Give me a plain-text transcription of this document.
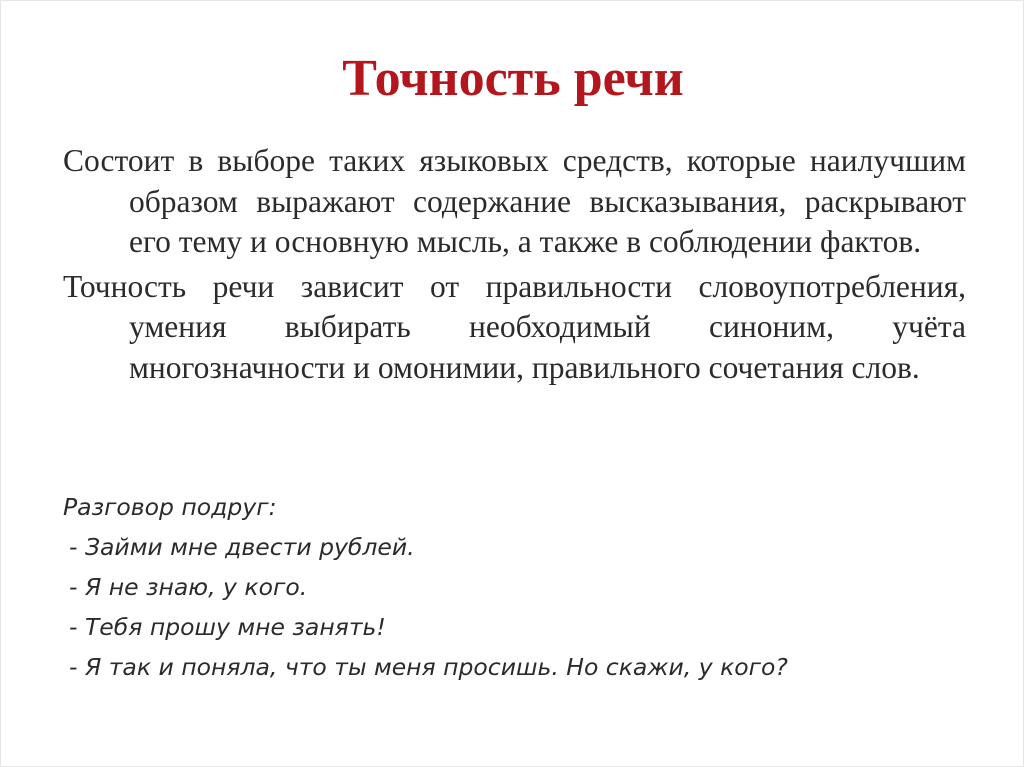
Точность речи

Состоит в выборе таких языковых средств, которые наилучшим образом выражают содержание высказывания, раскрывают его тему и основную мысль, а также в соблюдении фактов.

Точность речи зависит от правильности словоупотребления, умения выбирать необходимый синоним, учёта многозначности и омонимии, правильного сочетания слов.

Разговор подруг:

- Займи мне двести рублей.
- Я не знаю, у кого.
- Тебя прошу мне занять!
- Я так и поняла, что ты меня просишь. Но скажи, у кого?
